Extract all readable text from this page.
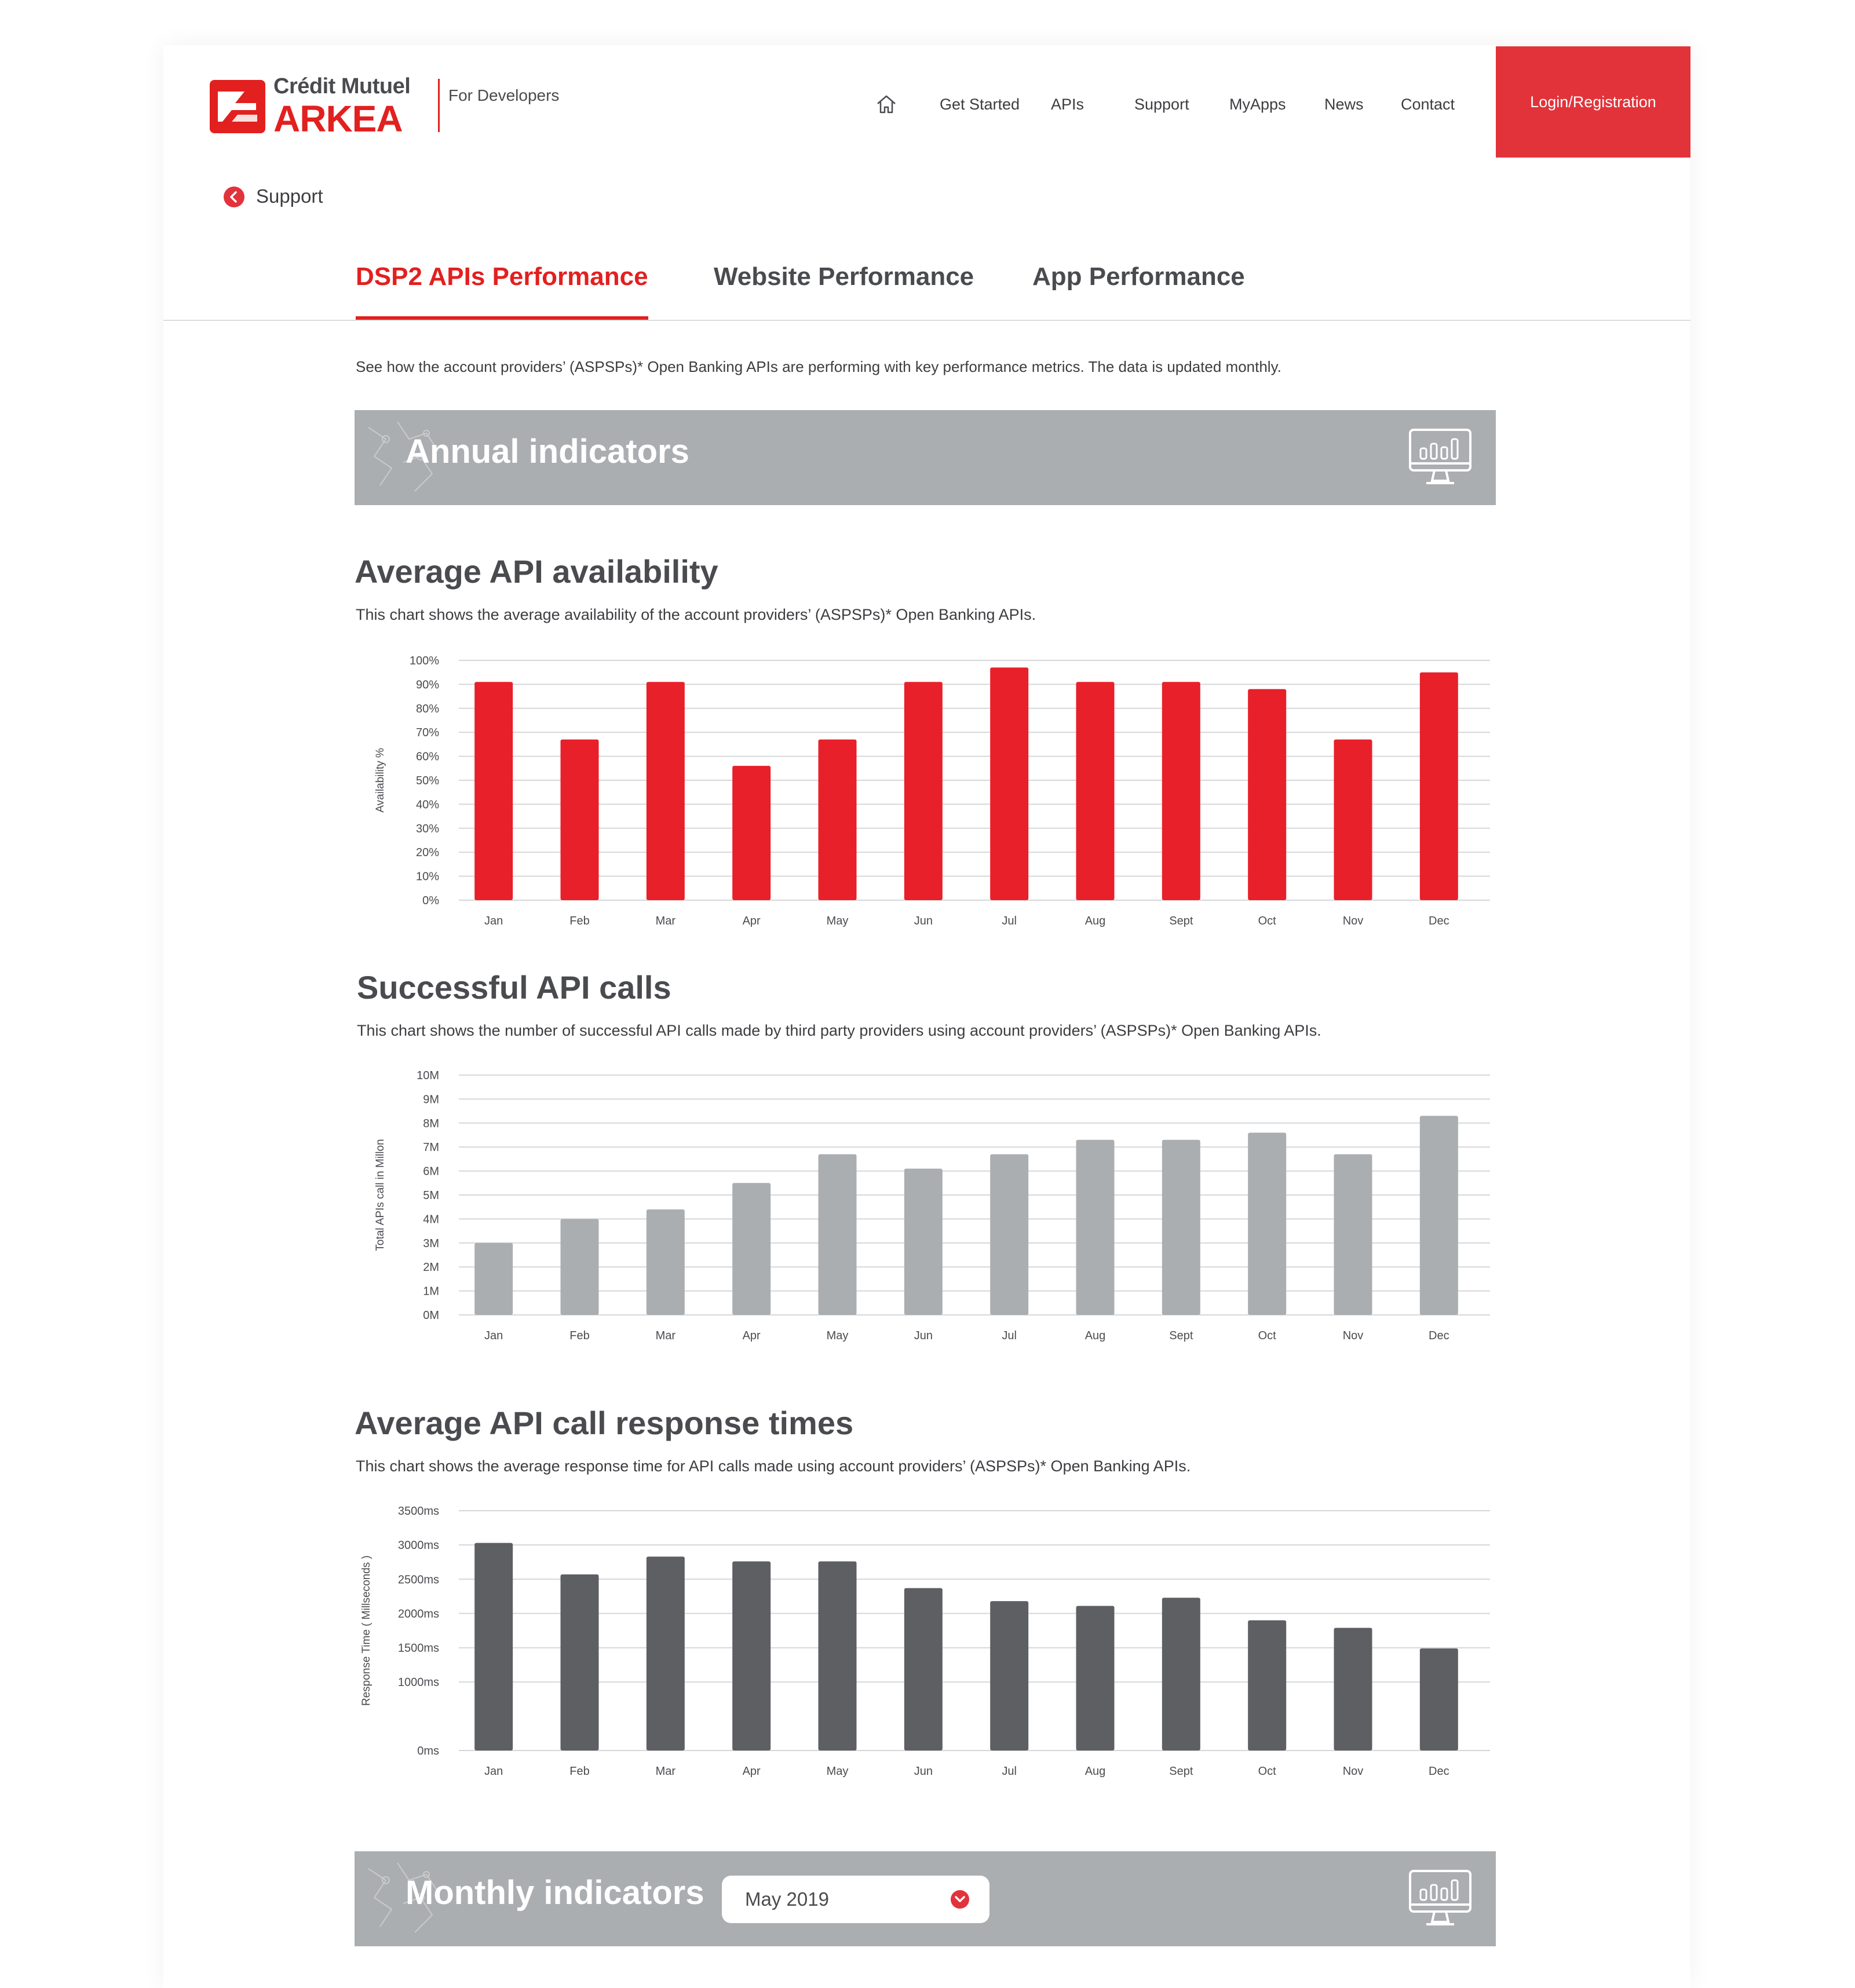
Crédit Mutuel
ARKEA
For Developers	Get Started APIs	Support	MyApps News Contact	Login/Registration
Support
DSP2 APIs Performance	Website Performance App Performance
See how the account providers’ (ASPSPs)* Open Banking APIs are performing with key performance metrics. The data is updated monthly.
Annual indicators
Average API availability
This chart shows the average availability of the account providers’ (ASPSPs)* Open Banking APIs.
0%
10%
20%
30%
40%
50%
60%
70%
80%
90%
100%
Availability %
Jan	Feb	Mar	Apr	May	Jun	Jul	Aug	Sept	Oct	Nov	Dec
Successful API calls
This chart shows the number of successful API calls made by third party providers using account providers’ (ASPSPs)* Open Banking APIs.
0M
1M
2M
3M
4M
5M
6M
7M
8M
9M
10M
Total APIs call in Millon
Jan	Feb	Mar	Apr	May	Jun	Jul	Aug	Sept	Oct	Nov	Dec
Average API call response times
This chart shows the average response time for API calls made using account providers’ (ASPSPs)* Open Banking APIs.
0ms
1000ms
1500ms
2000ms
2500ms
3000ms
3500ms
Response Time ( Millseconds )
Jan	Feb	Mar	Apr	May	Jun	Jul	Aug	Sept	Oct	Nov	Dec
Monthly indicators May 2019
